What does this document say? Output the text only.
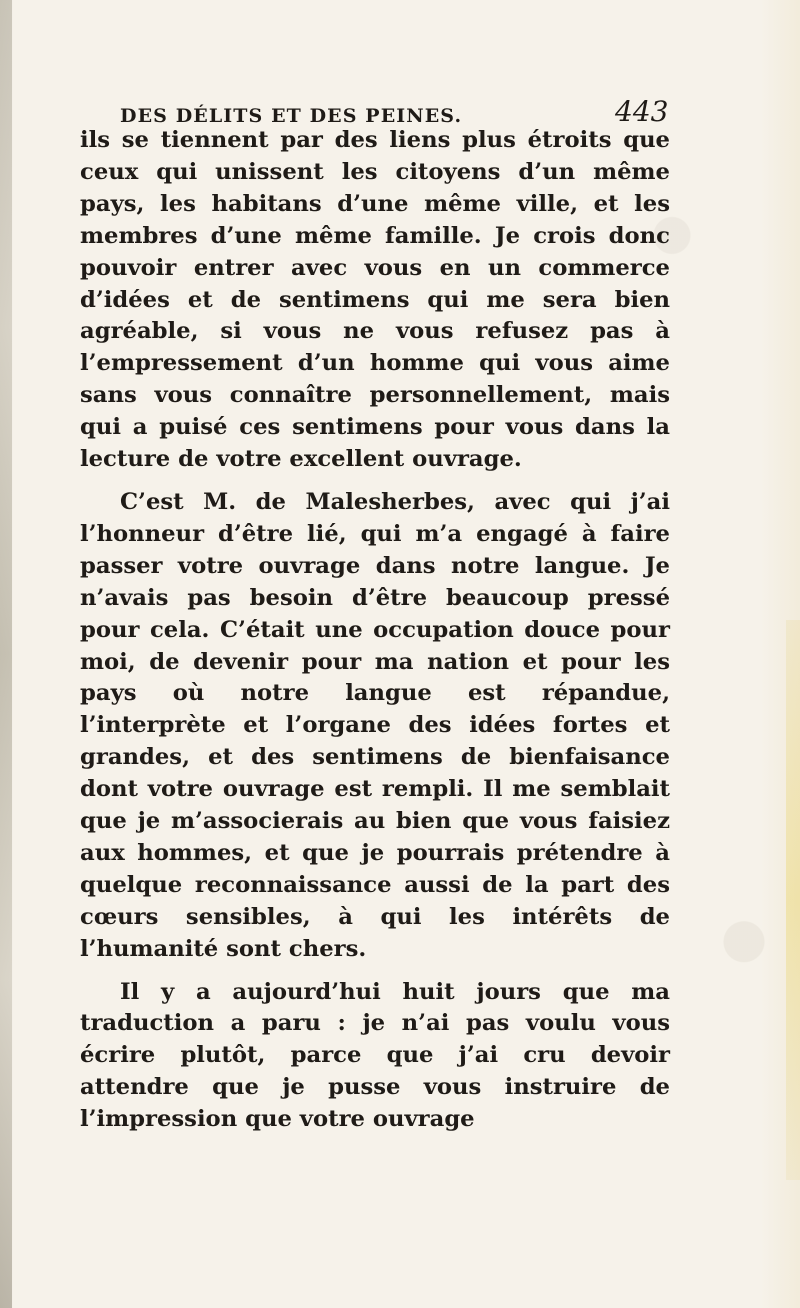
DES DÉLITS ET DES PEINES.	443

ils se tiennent par des liens plus étroits que ceux qui unissent les citoyens d’un même pays, les habitans d’une même ville, et les membres d’une même famille. Je crois donc pouvoir entrer avec vous en un commerce d’idées et de sentimens qui me sera bien agréable, si vous ne vous refusez pas à l’empressement d’un homme qui vous aime sans vous connaître personnellement, mais qui a puisé ces sentimens pour vous dans la lecture de votre excellent ouvrage.

C’est M. de Malesherbes, avec qui j’ai l’honneur d’être lié, qui m’a engagé à faire passer votre ouvrage dans notre langue. Je n’avais pas besoin d’être beaucoup pressé pour cela. C’était une occupation douce pour moi, de devenir pour ma nation et pour les pays où notre langue est répandue, l’interprète et l’organe des idées fortes et grandes, et des sentimens de bienfaisance dont votre ouvrage est rempli. Il me semblait que je m’associerais au bien que vous faisiez aux hommes, et que je pourrais prétendre à quelque reconnaissance aussi de la part des cœurs sensibles, à qui les intérêts de l’humanité sont chers.

Il y a aujourd’hui huit jours que ma traduction a paru : je n’ai pas voulu vous écrire plutôt, parce que j’ai cru devoir attendre que je pusse vous instruire de l’impression que votre ouvrage
